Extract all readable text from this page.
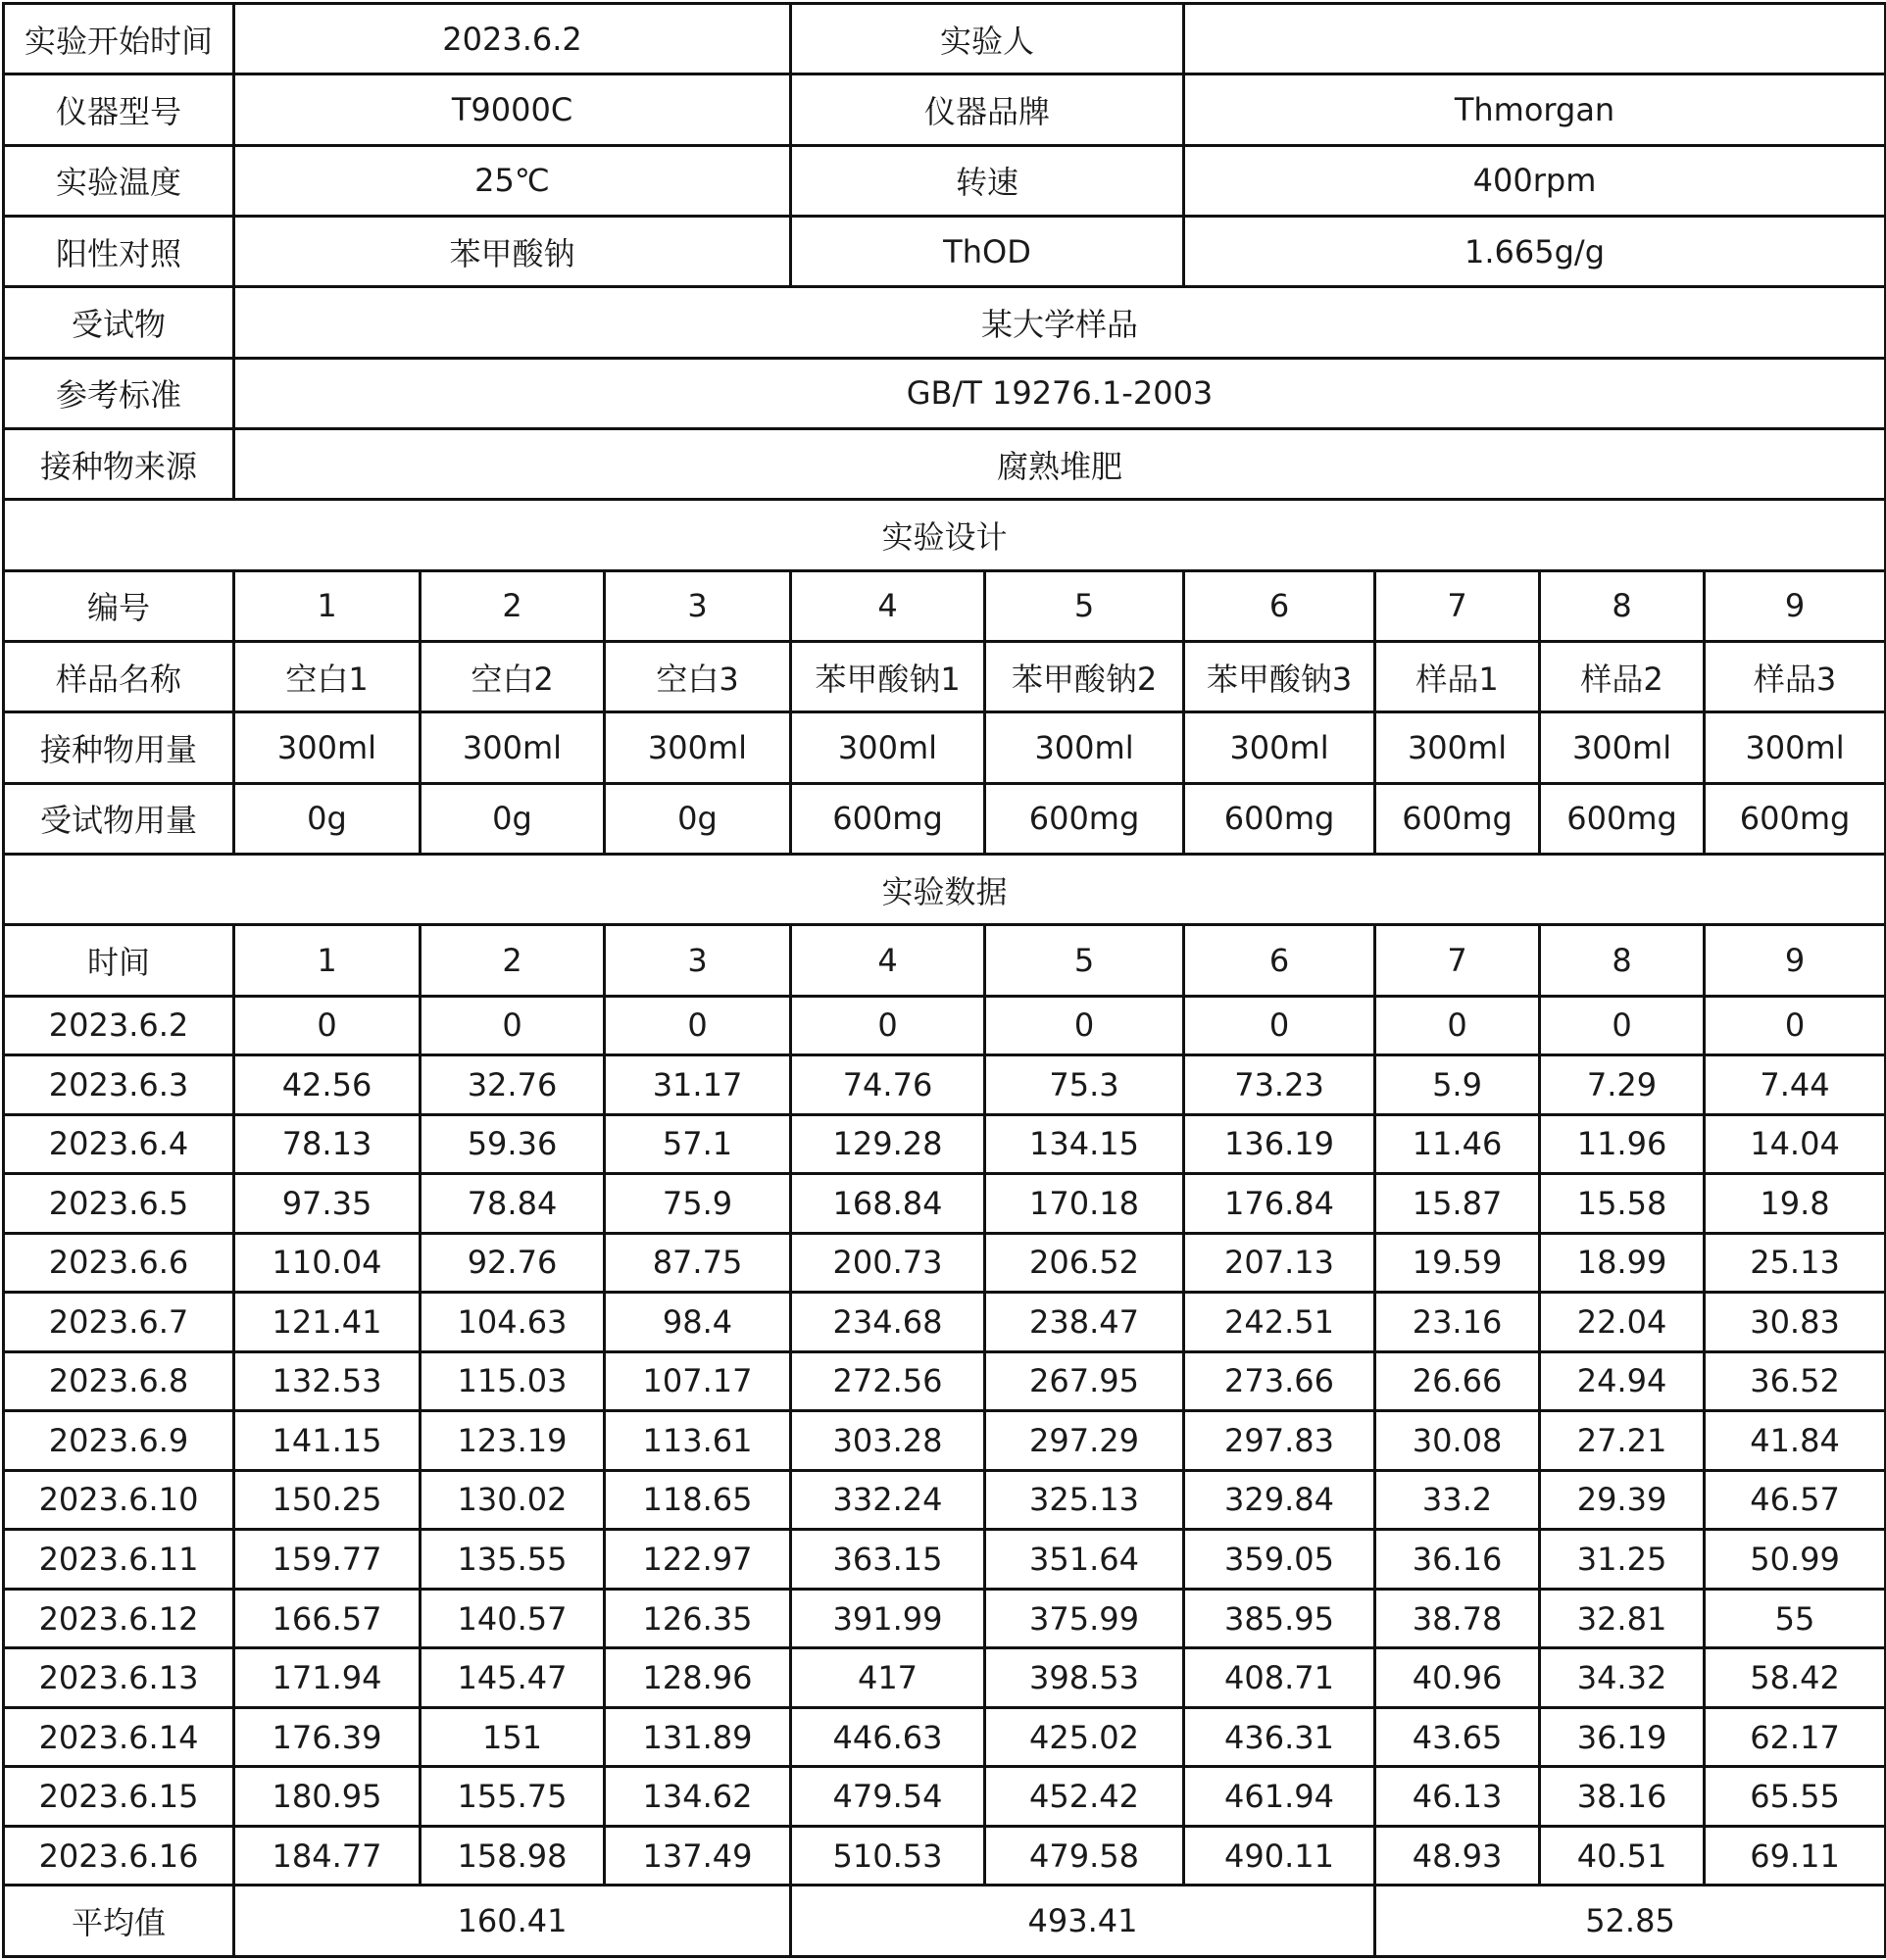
实验开始时间	2023.6.2			实验人					
仪器型号	T9000C			仪器品牌		Thmorgan			
实验温度	25℃			转速		400rpm			
阳性对照	苯甲酸钠			ThOD		1.665g/g			
受试物	某大学样品								
参考标准	GB/T 19276.1-2003								
接种物来源	腐熟堆肥								
实验设计									
编号	1	2	3	4	5	6	7	8	9
样品名称	空白1	空白2	空白3	苯甲酸钠1	苯甲酸钠2	苯甲酸钠3	样品1	样品2	样品3
接种物用量	300ml	300ml	300ml	300ml	300ml	300ml	300ml	300ml	300ml
受试物用量	0g	0g	0g	600mg	600mg	600mg	600mg	600mg	600mg
实验数据									
时间	1	2	3	4	5	6	7	8	9
2023.6.2	0	0	0	0	0	0	0	0	0
2023.6.3	42.56	32.76	31.17	74.76	75.3	73.23	5.9	7.29	7.44
2023.6.4	78.13	59.36	57.1	129.28	134.15	136.19	11.46	11.96	14.04
2023.6.5	97.35	78.84	75.9	168.84	170.18	176.84	15.87	15.58	19.8
2023.6.6	110.04	92.76	87.75	200.73	206.52	207.13	19.59	18.99	25.13
2023.6.7	121.41	104.63	98.4	234.68	238.47	242.51	23.16	22.04	30.83
2023.6.8	132.53	115.03	107.17	272.56	267.95	273.66	26.66	24.94	36.52
2023.6.9	141.15	123.19	113.61	303.28	297.29	297.83	30.08	27.21	41.84
2023.6.10	150.25	130.02	118.65	332.24	325.13	329.84	33.2	29.39	46.57
2023.6.11	159.77	135.55	122.97	363.15	351.64	359.05	36.16	31.25	50.99
2023.6.12	166.57	140.57	126.35	391.99	375.99	385.95	38.78	32.81	55
2023.6.13	171.94	145.47	128.96	417	398.53	408.71	40.96	34.32	58.42
2023.6.14	176.39	151	131.89	446.63	425.02	436.31	43.65	36.19	62.17
2023.6.15	180.95	155.75	134.62	479.54	452.42	461.94	46.13	38.16	65.55
2023.6.16	184.77	158.98	137.49	510.53	479.58	490.11	48.93	40.51	69.11
平均值	160.41			493.41			52.85		
